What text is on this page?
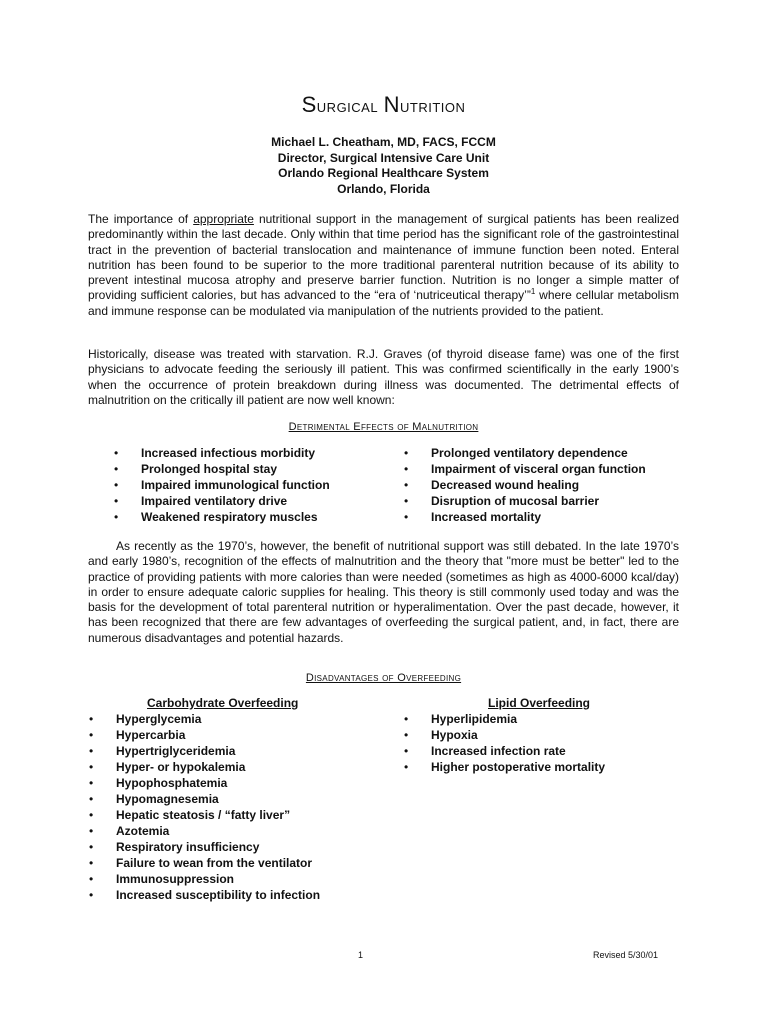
Surgical Nutrition
Michael L. Cheatham, MD, FACS, FCCM
Director, Surgical Intensive Care Unit
Orlando Regional Healthcare System
Orlando, Florida

The importance of appropriate nutritional support in the management of surgical patients has been realized predominantly within the last decade. Only within that time period has the significant role of the gastrointestinal tract in the prevention of bacterial translocation and maintenance of immune function been noted. Enteral nutrition has been found to be superior to the more traditional parenteral nutrition because of its ability to prevent intestinal mucosa atrophy and preserve barrier function. Nutrition is no longer a simple matter of providing sufficient calories, but has advanced to the “era of ‘nutriceutical therapy’”$^1$ where cellular metabolism and immune response can be modulated via manipulation of the nutrients provided to the patient.

Historically, disease was treated with starvation. R.J. Graves (of thyroid disease fame) was one of the first physicians to advocate feeding the seriously ill patient. This was confirmed scientifically in the early 1900’s when the occurrence of protein breakdown during illness was documented. The detrimental effects of malnutrition on the critically ill patient are now well known:

Detrimental Effects of Malnutrition
• Increased infectious morbidity
• Prolonged hospital stay
• Impaired immunological function
• Impaired ventilatory drive
• Weakened respiratory muscles
• Prolonged ventilatory dependence
• Impairment of visceral organ function
• Decreased wound healing
• Disruption of mucosal barrier
• Increased mortality

As recently as the 1970’s, however, the benefit of nutritional support was still debated. In the late 1970’s and early 1980’s, recognition of the effects of malnutrition and the theory that "more must be better" led to the practice of providing patients with more calories than were needed (sometimes as high as 4000-6000 kcal/day) in order to ensure adequate caloric supplies for healing. This theory is still commonly used today and was the basis for the development of total parenteral nutrition or hyperalimentation. Over the past decade, however, it has been recognized that there are few advantages of overfeeding the surgical patient, and, in fact, there are numerous disadvantages and potential hazards.

Disadvantages of Overfeeding
Carbohydrate Overfeeding	Lipid Overfeeding
• Hyperglycemia
• Hypercarbia
• Hypertriglyceridemia
• Hyper- or hypokalemia
• Hypophosphatemia
• Hypomagnesemia
• Hepatic steatosis / “fatty liver”
• Azotemia
• Respiratory insufficiency
• Failure to wean from the ventilator
• Immunosuppression
• Increased susceptibility to infection
• Hyperlipidemia
• Hypoxia
• Increased infection rate
• Higher postoperative mortality
1	Revised 5/30/01
